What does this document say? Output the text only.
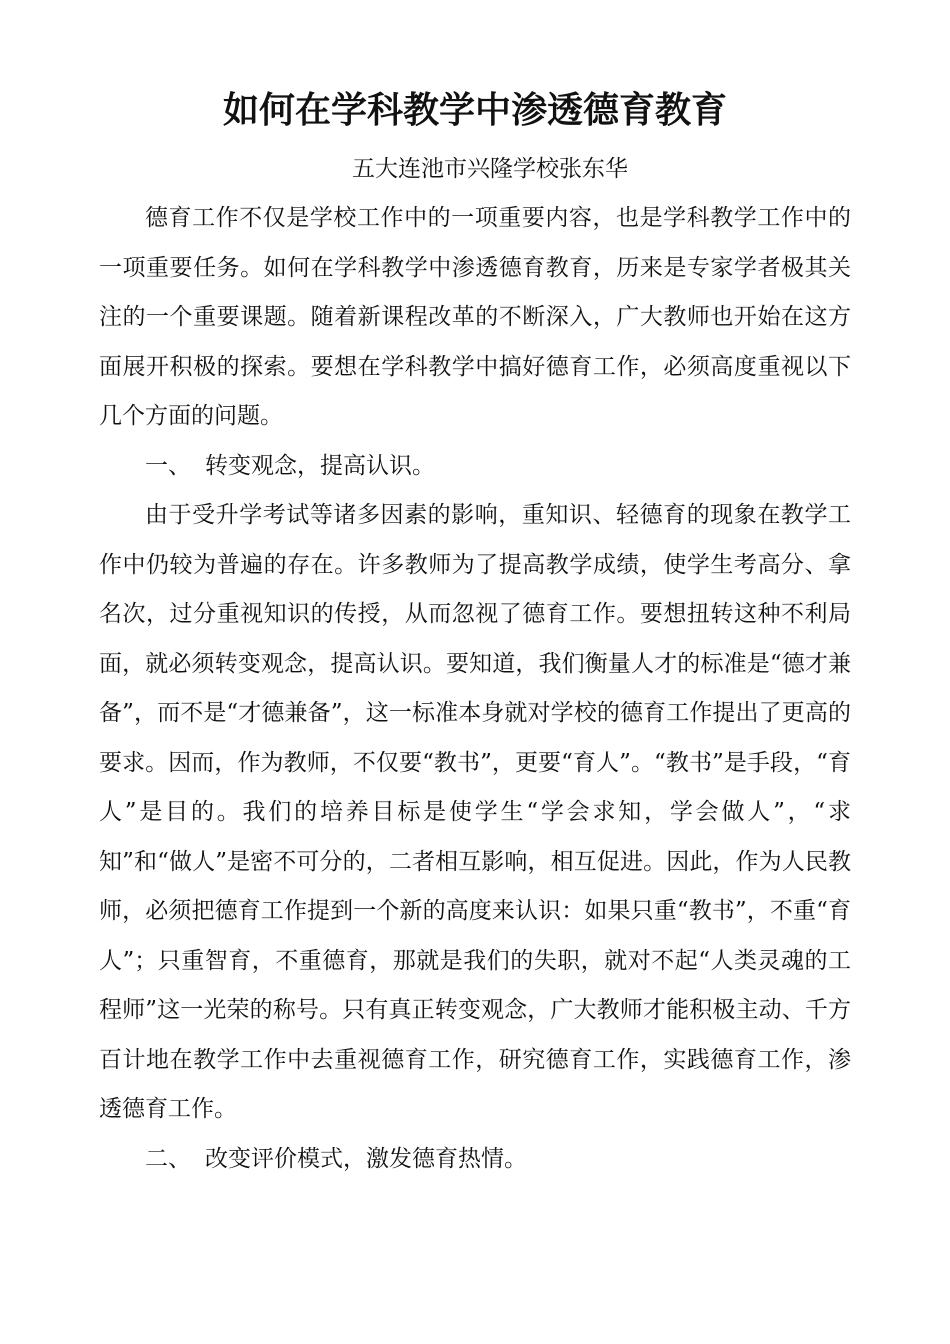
如何在学科教学中渗透德育教育
五大连池市兴隆学校张东华

德育工作不仅是学校工作中的一项重要内容，也是学科教学工作中的一项重要任务。如何在学科教学中渗透德育教育，历来是专家学者极其关注的一个重要课题。随着新课程改革的不断深入，广大教师也开始在这方面展开积极的探索。要想在学科教学中搞好德育工作，必须高度重视以下几个方面的问题。

一、 转变观念，提高认识。

由于受升学考试等诸多因素的影响，重知识、轻德育的现象在教学工作中仍较为普遍的存在。许多教师为了提高教学成绩，使学生考高分、拿名次，过分重视知识的传授，从而忽视了德育工作。要想扭转这种不利局面，就必须转变观念，提高认识。要知道，我们衡量人才的标准是“德才兼备”，而不是“才德兼备”，这一标准本身就对学校的德育工作提出了更高的要求。因而，作为教师，不仅要“教书”，更要“育人”。“教书”是手段，“育人”是目的。我们的培养目标是使学生“学会求知，学会做人”，“求知”和“做人”是密不可分的，二者相互影响，相互促进。因此，作为人民教师，必须把德育工作提到一个新的高度来认识：如果只重“教书”，不重“育人”；只重智育，不重德育，那就是我们的失职，就对不起“人类灵魂的工程师”这一光荣的称号。只有真正转变观念，广大教师才能积极主动、千方百计地在教学工作中去重视德育工作，研究德育工作，实践德育工作，渗透德育工作。

二、 改变评价模式，激发德育热情。
